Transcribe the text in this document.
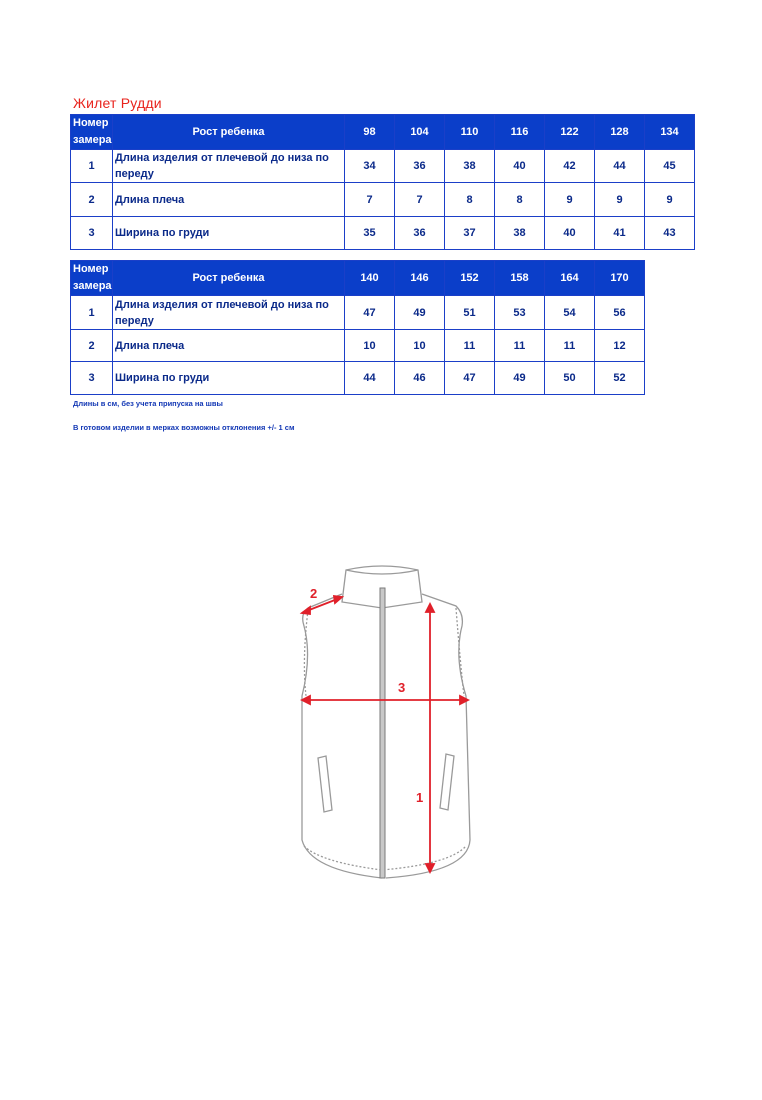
Жилет Рудди
Номер замера	Рост ребенка	98	104	110	116	122	128	134
1	Длина изделия от плечевой до низа по переду	34	36	38	40	42	44	45
2	Длина плеча	7	7	8	8	9	9	9
3	Ширина по груди	35	36	37	38	40	41	43
Номер замера	Рост ребенка	140	146	152	158	164	170
1	Длина изделия от плечевой до низа по переду	47	49	51	53	54	56
2	Длина плеча	10	10	11	11	11	12
3	Ширина по груди	44	46	47	49	50	52
Длины в см, без учета припуска на швы
В готовом изделии в мерках возможны отклонения +/- 1 см
2
3
1
